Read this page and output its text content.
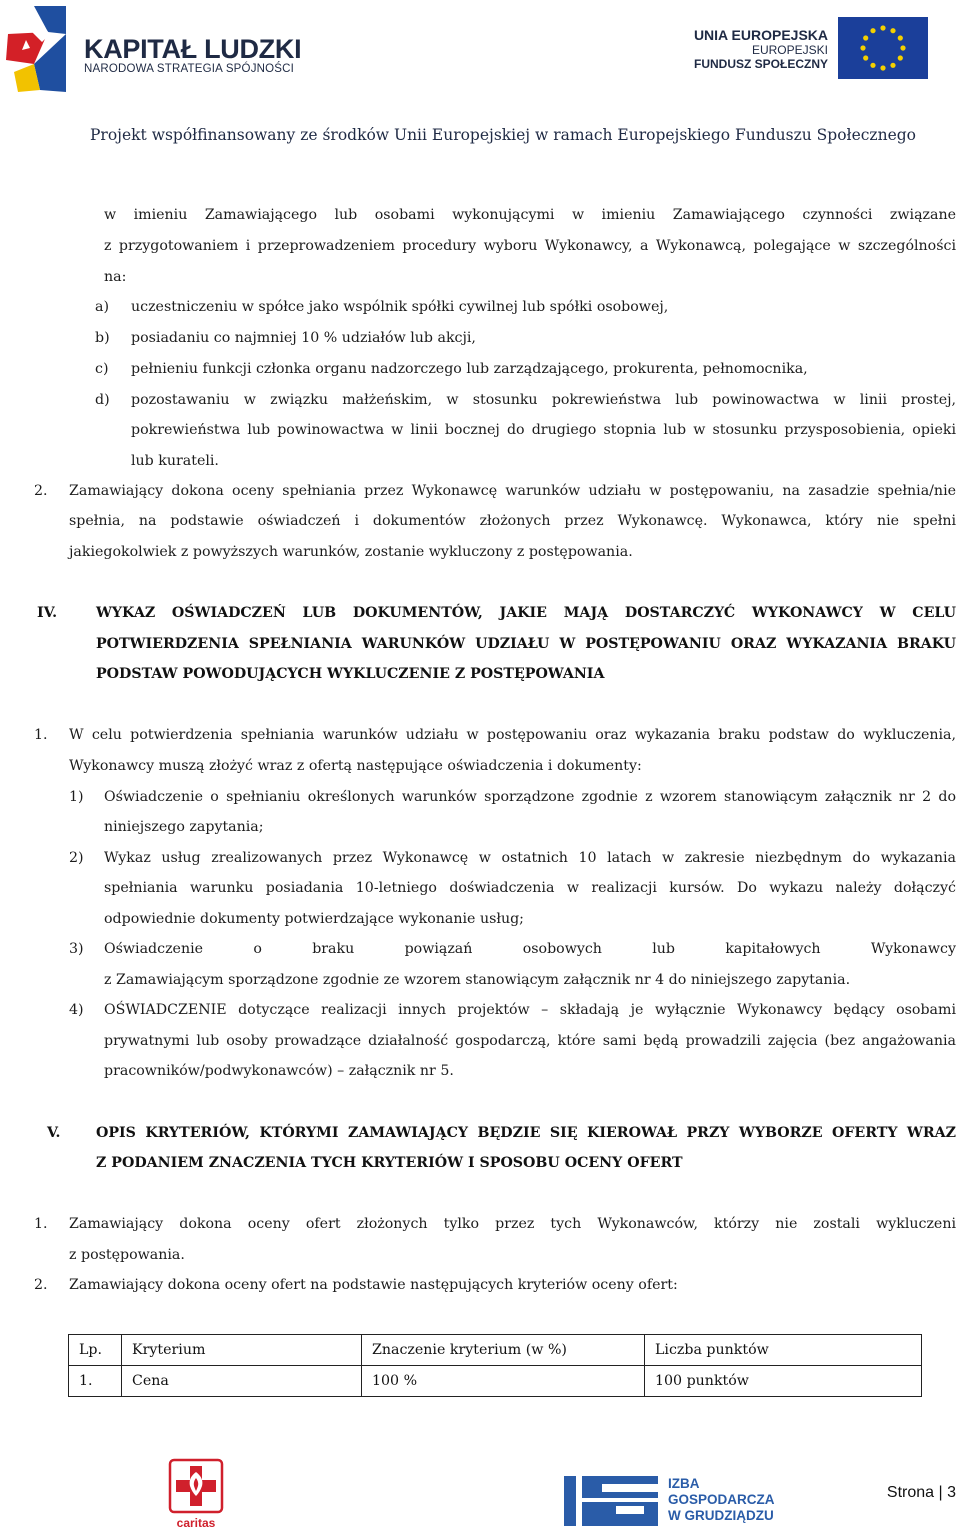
KAPITAŁ LUDZKI
NARODOWA STRATEGIA SPÓJNOŚCI
UNIA EUROPEJSKA
EUROPEJSKI
FUNDUSZ SPOŁECZNY
Projekt współfinansowany ze środków Unii Europejskiej w ramach Europejskiego Funduszu Społecznego
w imieniu Zamawiającego lub osobami wykonującymi w imieniu Zamawiającego czynności związane
z przygotowaniem i przeprowadzeniem procedury wyboru Wykonawcy, a Wykonawcą, polegające w szczególności
na:
a) uczestniczeniu w spółce jako wspólnik spółki cywilnej lub spółki osobowej,
b) posiadaniu co najmniej 10 % udziałów lub akcji,
c) pełnieniu funkcji członka organu nadzorczego lub zarządzającego, prokurenta, pełnomocnika,
d) pozostawaniu w związku małżeńskim, w stosunku pokrewieństwa lub powinowactwa w linii prostej,
pokrewieństwa lub powinowactwa w linii bocznej do drugiego stopnia lub w stosunku przysposobienia, opieki
lub kurateli.
2. Zamawiający dokona oceny spełniania przez Wykonawcę warunków udziału w postępowaniu, na zasadzie spełnia/nie
spełnia, na podstawie oświadczeń i dokumentów złożonych przez Wykonawcę. Wykonawca, który nie spełni
jakiegokolwiek z powyższych warunków, zostanie wykluczony z postępowania.
IV.	WYKAZ OŚWIADCZEŃ LUB DOKUMENTÓW, JAKIE MAJĄ DOSTARCZYĆ WYKONAWCY W CELU
POTWIERDZENIA SPEŁNIANIA WARUNKÓW UDZIAŁU W POSTĘPOWANIU ORAZ WYKAZANIA BRAKU
PODSTAW POWODUJĄCYCH WYKLUCZENIE Z POSTĘPOWANIA
1. W celu potwierdzenia spełniania warunków udziału w postępowaniu oraz wykazania braku podstaw do wykluczenia,
Wykonawcy muszą złożyć wraz z ofertą następujące oświadczenia i dokumenty:
1) Oświadczenie o spełnianiu określonych warunków sporządzone zgodnie z wzorem stanowiącym załącznik nr 2 do
niniejszego zapytania;
2) Wykaz usług zrealizowanych przez Wykonawcę w ostatnich 10 latach w zakresie niezbędnym do wykazania
spełniania warunku posiadania 10-letniego doświadczenia w realizacji kursów. Do wykazu należy dołączyć
odpowiednie dokumenty potwierdzające wykonanie usług;
3) Oświadczenie o braku powiązań osobowych lub kapitałowych Wykonawcy
z Zamawiającym sporządzone zgodnie ze wzorem stanowiącym załącznik nr 4 do niniejszego zapytania.
4) OŚWIADCZENIE dotyczące realizacji innych projektów – składają je wyłącznie Wykonawcy będący osobami
prywatnymi lub osoby prowadzące działalność gospodarczą, które sami będą prowadzili zajęcia (bez angażowania
pracowników/podwykonawców) – załącznik nr 5.
V.	OPIS KRYTERIÓW, KTÓRYMI ZAMAWIAJĄCY BĘDZIE SIĘ KIEROWAŁ PRZY WYBORZE OFERTY WRAZ
Z PODANIEM ZNACZENIA TYCH KRYTERIÓW I SPOSOBU OCENY OFERT
1. Zamawiający dokona oceny ofert złożonych tylko przez tych Wykonawców, którzy nie zostali wykluczeni
z postępowania.
2. Zamawiający dokona oceny ofert na podstawie następujących kryteriów oceny ofert:
Lp.	Kryterium	Znaczenie kryterium (w %)	Liczba punktów
1.	Cena	100 %	100 punktów
caritas
IZBA
GOSPODARCZA
W GRUDZIĄDZU
Strona | 3
